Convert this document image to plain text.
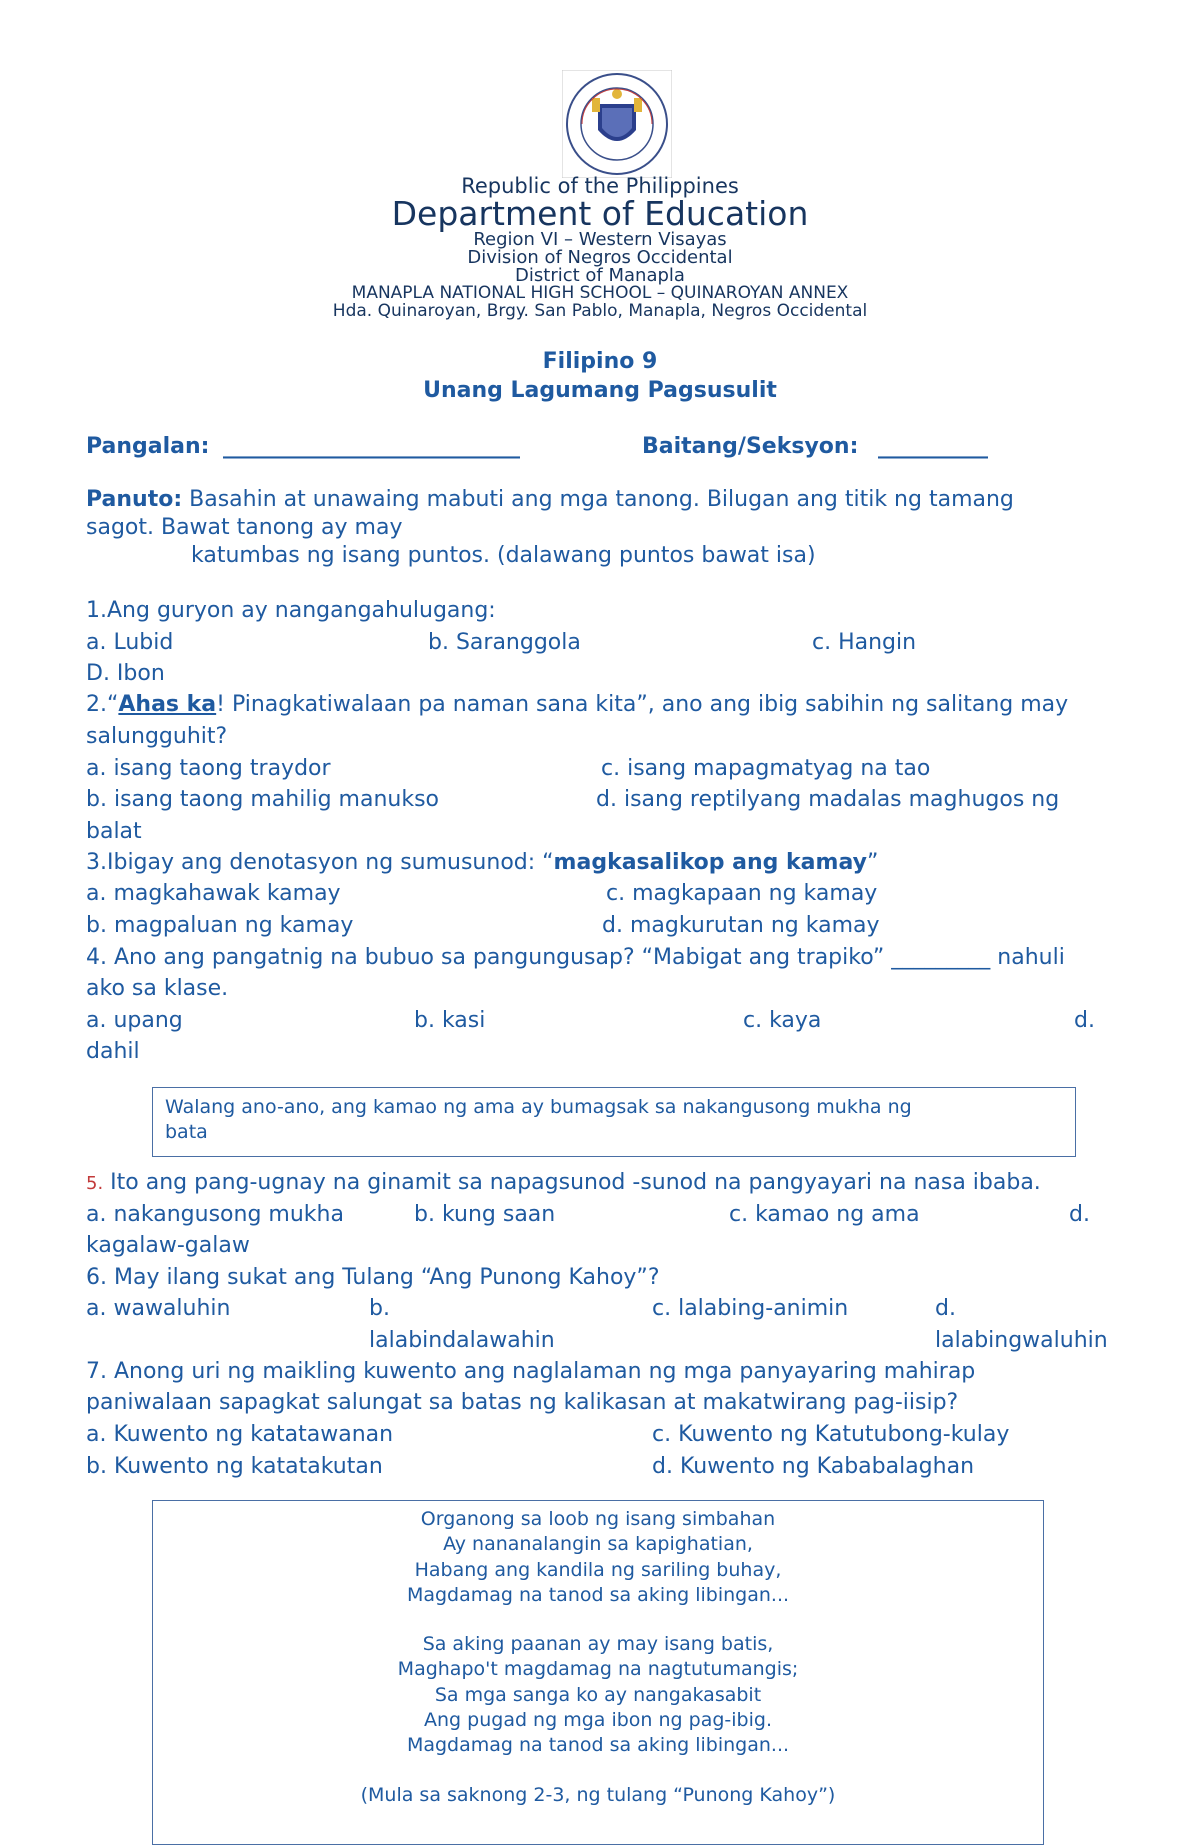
Republic of the Philippines
Department of Education
Region VI – Western Visayas
Division of Negros Occidental
District of Manapla
MANAPLA NATIONAL HIGH SCHOOL – QUINAROYAN ANNEX
Hda. Quinaroyan, Brgy. San Pablo, Manapla, Negros Occidental
Filipino 9
Unang Lagumang Pagsusulit
Pangalan: ___________________________	Baitang/Seksyon: __________
Panuto: Basahin at unawaing mabuti ang mga tanong. Bilugan ang titik ng tamang
sagot. Bawat tanong ay may
katumbas ng isang puntos. (dalawang puntos bawat isa)
1.Ang guryon ay nangangahulugang:
a. Lubid	b. Saranggola	c. Hangin
D. Ibon
2.“Ahas ka! Pinagkatiwalaan pa naman sana kita”, ano ang ibig sabihin ng salitang may
salungguhit?
a. isang taong traydor	c. isang mapagmatyag na tao
b. isang taong mahilig manukso	d. isang reptilyang madalas maghugos ng
balat
3.Ibigay ang denotasyon ng sumusunod: “magkasalikop ang kamay”
a. magkahawak kamay	c. magkapaan ng kamay
b. magpaluan ng kamay	d. magkurutan ng kamay
4. Ano ang pangatnig na bubuo sa pangungusap? “Mabigat ang trapiko” _________ nahuli
ako sa klase.
a. upang	b. kasi	c. kaya	d.
dahil
Walang ano-ano, ang kamao ng ama ay bumagsak sa nakangusong mukha ng
bata
5. Ito ang pang-ugnay na ginamit sa napagsunod -sunod na pangyayari na nasa ibaba.
a. nakangusong mukha	b. kung saan	c. kamao ng ama	d.
kagalaw-galaw
6. May ilang sukat ang Tulang “Ang Punong Kahoy”?
a. wawaluhin	b.
lalabindalawahin
c. lalabing-animin	d.
lalabingwaluhin
7. Anong uri ng maikling kuwento ang naglalaman ng mga panyayaring mahirap
paniwalaan sapagkat salungat sa batas ng kalikasan at makatwirang pag-iisip?
a. Kuwento ng katatawanan	c. Kuwento ng Katutubong-kulay
b. Kuwento ng katatakutan	d. Kuwento ng Kababalaghan
Organong sa loob ng isang simbahan
Ay nananalangin sa kapighatian,
Habang ang kandila ng sariling buhay,
Magdamag na tanod sa aking libingan...
Sa aking paanan ay may isang batis,
Maghapo't magdamag na nagtutumangis;
Sa mga sanga ko ay nangakasabit
Ang pugad ng mga ibon ng pag-ibig.
Magdamag na tanod sa aking libingan...
(Mula sa saknong 2-3, ng tulang “Punong Kahoy”)
